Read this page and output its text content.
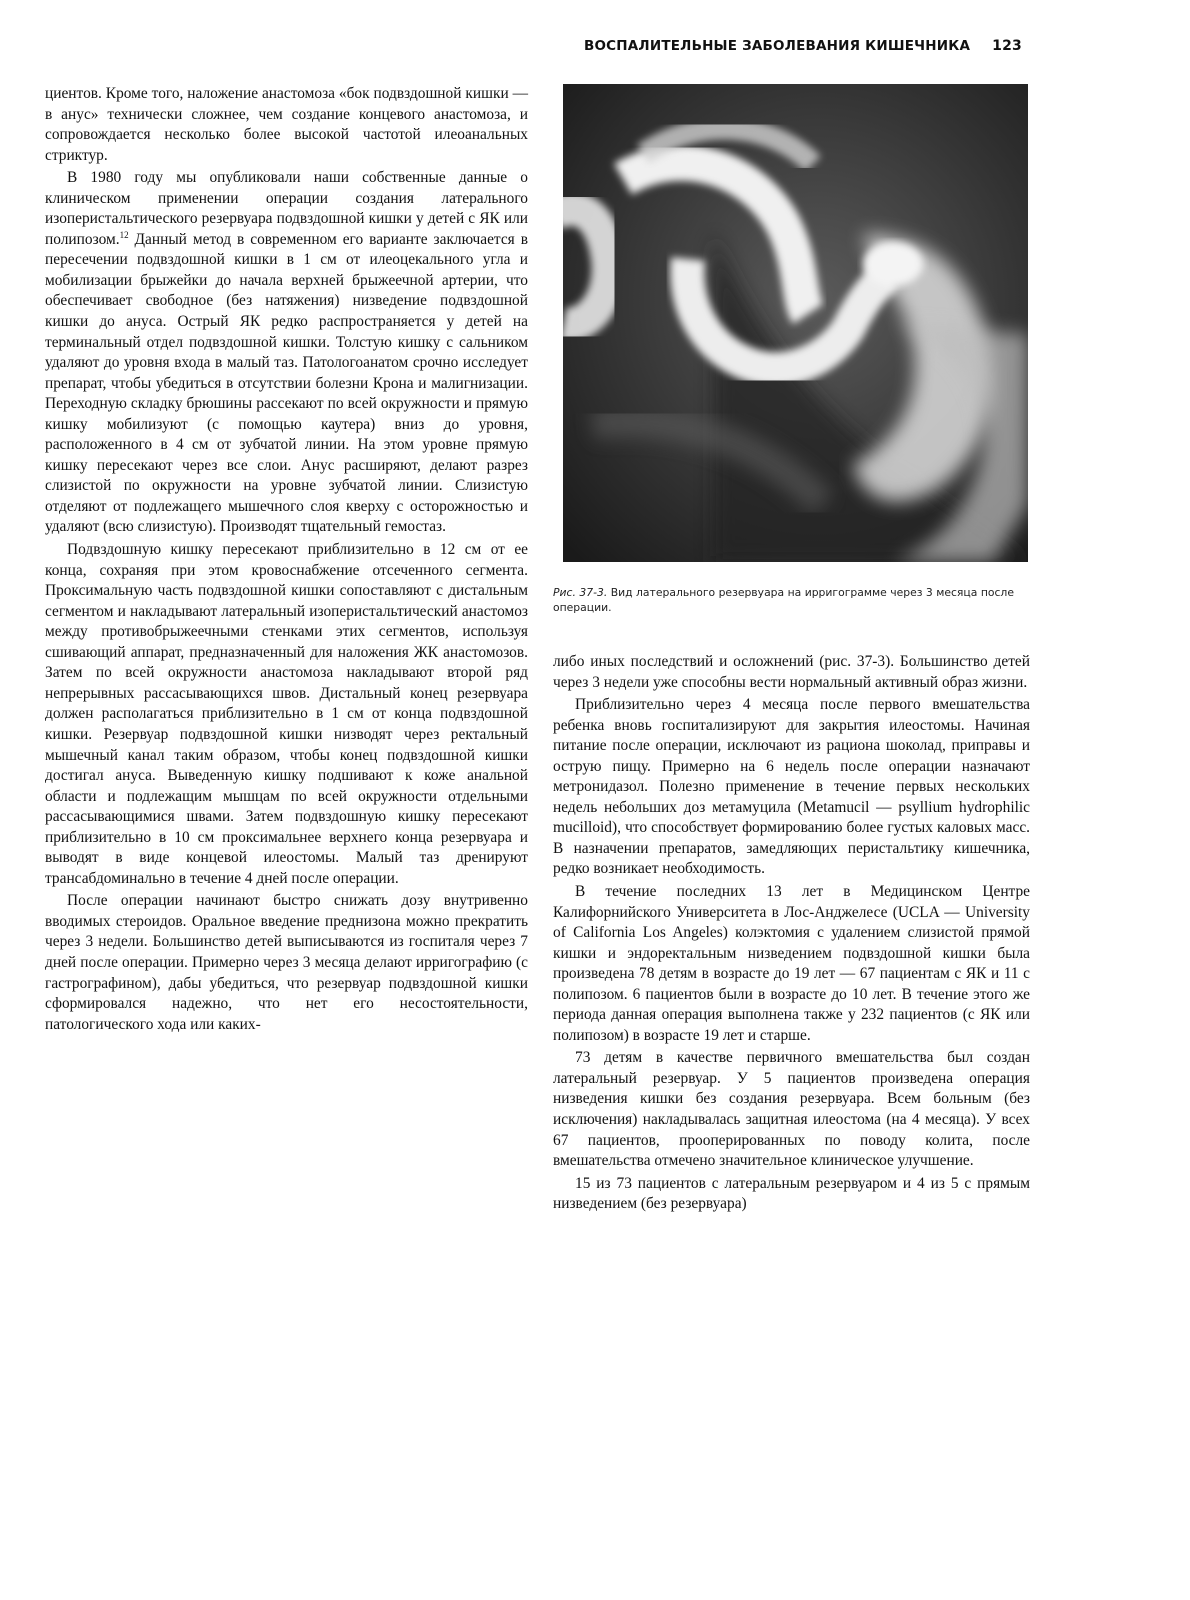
ВОСПАЛИТЕЛЬНЫЕ ЗАБОЛЕВАНИЯ КИШЕЧНИКА 123

циентов. Кроме того, наложение анастомоза «бок подвздошной кишки — в анус» технически сложнее, чем создание концевого анастомоза, и сопровождается несколько более высокой частотой илеоанальных стриктур.

В 1980 году мы опубликовали наши собственные данные о клиническом применении операции создания латерального изоперистальтического резервуара подвздошной кишки у детей с ЯК или полипозом.$^{12}$ Данный метод в современном его варианте заключается в пересечении подвздошной кишки в 1 см от илеоцекального угла и мобилизации брыжейки до начала верхней брыжеечной артерии, что обеспечивает свободное (без натяжения) низведение подвздошной кишки до ануса. Острый ЯК редко распространяется у детей на терминальный отдел подвздошной кишки. Толстую кишку с сальником удаляют до уровня входа в малый таз. Патологоанатом срочно исследует препарат, чтобы убедиться в отсутствии болезни Крона и малигнизации. Переходную складку брюшины рассекают по всей окружности и прямую кишку мобилизуют (с помощью каутера) вниз до уровня, расположенного в 4 см от зубчатой линии. На этом уровне прямую кишку пересекают через все слои. Анус расширяют, делают разрез слизистой по окружности на уровне зубчатой линии. Слизистую отделяют от подлежащего мышечного слоя кверху с осторожностью и удаляют (всю слизистую). Производят тщательный гемостаз.

Подвздошную кишку пересекают приблизительно в 12 см от ее конца, сохраняя при этом кровоснабжение отсеченного сегмента. Проксимальную часть подвздошной кишки сопоставляют с дистальным сегментом и накладывают латеральный изоперистальтический анастомоз между противобрыжеечными стенками этих сегментов, используя сшивающий аппарат, предназначенный для наложения ЖК анастомозов. Затем по всей окружности анастомоза накладывают второй ряд непрерывных рассасывающихся швов. Дистальный конец резервуара должен располагаться приблизительно в 1 см от конца подвздошной кишки. Резервуар подвздошной кишки низводят через ректальный мышечный канал таким образом, чтобы конец подвздошной кишки достигал ануса. Выведенную кишку подшивают к коже анальной области и подлежащим мышцам по всей окружности отдельными рассасывающимися швами. Затем подвздошную кишку пересекают приблизительно в 10 см проксимальнее верхнего конца резервуара и выводят в виде концевой илеостомы. Малый таз дренируют трансабдоминально в течение 4 дней после операции.

После операции начинают быстро снижать дозу внутривенно вводимых стероидов. Оральное введение преднизона можно прекратить через 3 недели. Большинство детей выписываются из госпиталя через 7 дней после операции. Примерно через 3 месяца делают ирригографию (с гастрографином), дабы убедиться, что резервуар подвздошной кишки сформировался надежно, что нет его несостоятельности, патологического хода или каких-

Рис. 37-3. Вид латерального резервуара на ирригограмме через 3 месяца после операции.

либо иных последствий и осложнений (рис. 37-3). Большинство детей через 3 недели уже способны вести нормальный активный образ жизни.

Приблизительно через 4 месяца после первого вмешательства ребенка вновь госпитализируют для закрытия илеостомы. Начиная питание после операции, исключают из рациона шоколад, приправы и острую пищу. Примерно на 6 недель после операции назначают метронидазол. Полезно применение в течение первых нескольких недель небольших доз метамуцила (Metamucil — psyllium hydrophilic mucilloid), что способствует формированию более густых каловых масс. В назначении препаратов, замедляющих перистальтику кишечника, редко возникает необходимость.

В течение последних 13 лет в Медицинском Центре Калифорнийского Университета в Лос-Анджелесе (UCLA — University of California Los Angeles) колэктомия с удалением слизистой прямой кишки и эндоректальным низведением подвздошной кишки была произведена 78 детям в возрасте до 19 лет — 67 пациентам с ЯК и 11 с полипозом. 6 пациентов были в возрасте до 10 лет. В течение этого же периода данная операция выполнена также у 232 пациентов (с ЯК или полипозом) в возрасте 19 лет и старше.

73 детям в качестве первичного вмешательства был создан латеральный резервуар. У 5 пациентов произведена операция низведения кишки без создания резервуара. Всем больным (без исключения) накладывалась защитная илеостома (на 4 месяца). У всех 67 пациентов, прооперированных по поводу колита, после вмешательства отмечено значительное клиническое улучшение.

15 из 73 пациентов с латеральным резервуаром и 4 из 5 с прямым низведением (без резервуара)
